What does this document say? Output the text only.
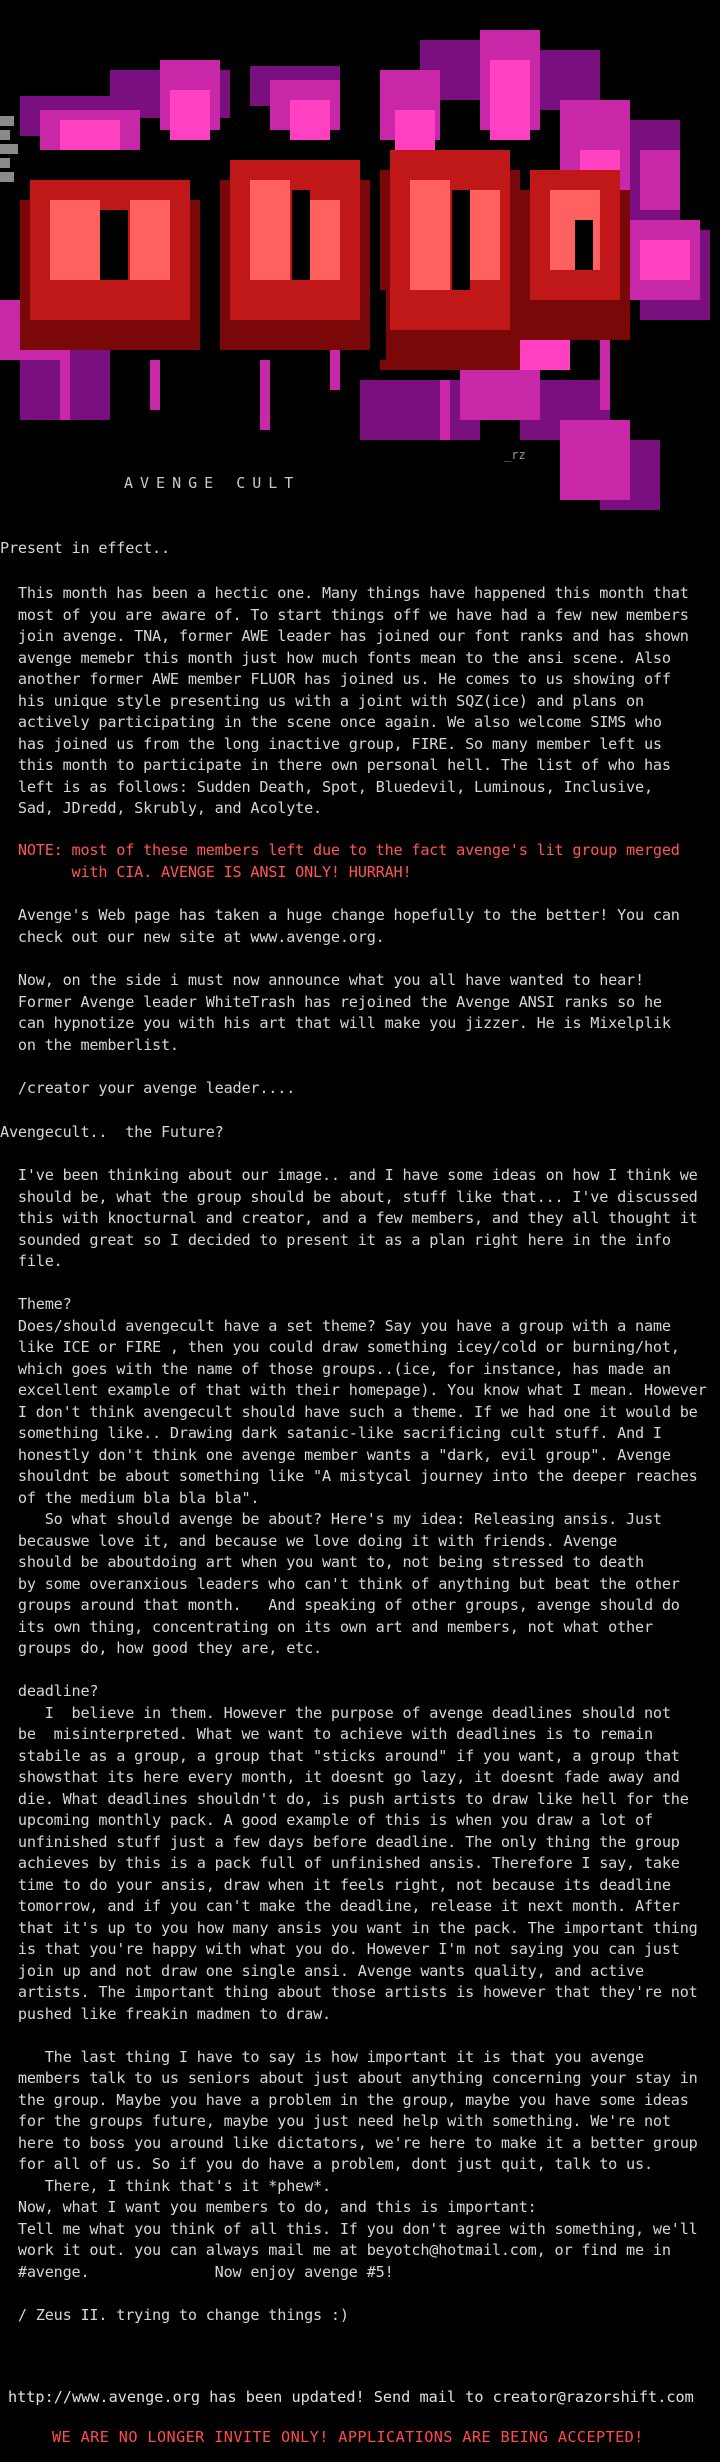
AVENGE CULT
_rz
Present in effect..
This month has been a hectic one. Many things have happened this month that
most of you are aware of. To start things off we have had a few new members
join avenge. TNA, former AWE leader has joined our font ranks and has shown
avenge memebr this month just how much fonts mean to the ansi scene. Also
another former AWE member FLUOR has joined us. He comes to us showing off
his unique style presenting us with a joint with SQZ(ice) and plans on
actively participating in the scene once again. We also welcome SIMS who
has joined us from the long inactive group, FIRE. So many member left us
this month to participate in there own personal hell. The list of who has
left is as follows: Sudden Death, Spot, Bluedevil, Luminous, Inclusive,
Sad, JDredd, Skrubly, and Acolyte.
NOTE: most of these members left due to the fact avenge's lit group merged
with CIA. AVENGE IS ANSI ONLY! HURRAH!
Avenge's Web page has taken a huge change hopefully to the better! You can
check out our new site at www.avenge.org.
Now, on the side i must now announce what you all have wanted to hear!
Former Avenge leader WhiteTrash has rejoined the Avenge ANSI ranks so he
can hypnotize you with his art that will make you jizzer. He is Mixelplik
on the memberlist.
/creator your avenge leader....
Avengecult..  the Future?
I've been thinking about our image.. and I have some ideas on how I think we
should be, what the group should be about, stuff like that... I've discussed
this with knocturnal and creator, and a few members, and they all thought it
sounded great so I decided to present it as a plan right here in the info
file.

Theme?
Does/should avengecult have a set theme? Say you have a group with a name
like ICE or FIRE , then you could draw something icey/cold or burning/hot,
which goes with the name of those groups..(ice, for instance, has made an
excellent example of that with their homepage). You know what I mean. However
I don't think avengecult should have such a theme. If we had one it would be
something like.. Drawing dark satanic-like sacrificing cult stuff. And I
honestly don't think one avenge member wants a "dark, evil group". Avenge
shouldnt be about something like "A mistycal journey into the deeper reaches
of the medium bla bla bla".
So what should avenge be about? Here's my idea: Releasing ansis. Just
becauswe love it, and because we love doing it with friends. Avenge
should be aboutdoing art when you want to, not being stressed to death
by some overanxious leaders who can't think of anything but beat the other
groups around that month.   And speaking of other groups, avenge should do
its own thing, concentrating on its own art and members, not what other
groups do, how good they are, etc.

deadline?
I  believe in them. However the purpose of avenge deadlines should not
be  misinterpreted. What we want to achieve with deadlines is to remain
stabile as a group, a group that "sticks around" if you want, a group that
showsthat its here every month, it doesnt go lazy, it doesnt fade away and
die. What deadlines shouldn't do, is push artists to draw like hell for the
upcoming monthly pack. A good example of this is when you draw a lot of
unfinished stuff just a few days before deadline. The only thing the group
achieves by this is a pack full of unfinished ansis. Therefore I say, take
time to do your ansis, draw when it feels right, not because its deadline
tomorrow, and if you can't make the deadline, release it next month. After
that it's up to you how many ansis you want in the pack. The important thing
is that you're happy with what you do. However I'm not saying you can just
join up and not draw one single ansi. Avenge wants quality, and active
artists. The important thing about those artists is however that they're not
pushed like freakin madmen to draw.

The last thing I have to say is how important it is that you avenge
members talk to us seniors about just about anything concerning your stay in
the group. Maybe you have a problem in the group, maybe you have some ideas
for the groups future, maybe you just need help with something. We're not
here to boss you around like dictators, we're here to make it a better group
for all of us. So if you do have a problem, dont just quit, talk to us.
There, I think that's it *phew*.
Now, what I want you members to do, and this is important:
Tell me what you think of all this. If you don't agree with something, we'll
work it out. you can always mail me at beyotch@hotmail.com, or find me in
#avenge.              Now enjoy avenge #5!

/ Zeus II. trying to change things :)
http://www.avenge.org has been updated! Send mail to creator@razorshift.com
WE ARE NO LONGER INVITE ONLY! APPLICATIONS ARE BEING ACCEPTED!
